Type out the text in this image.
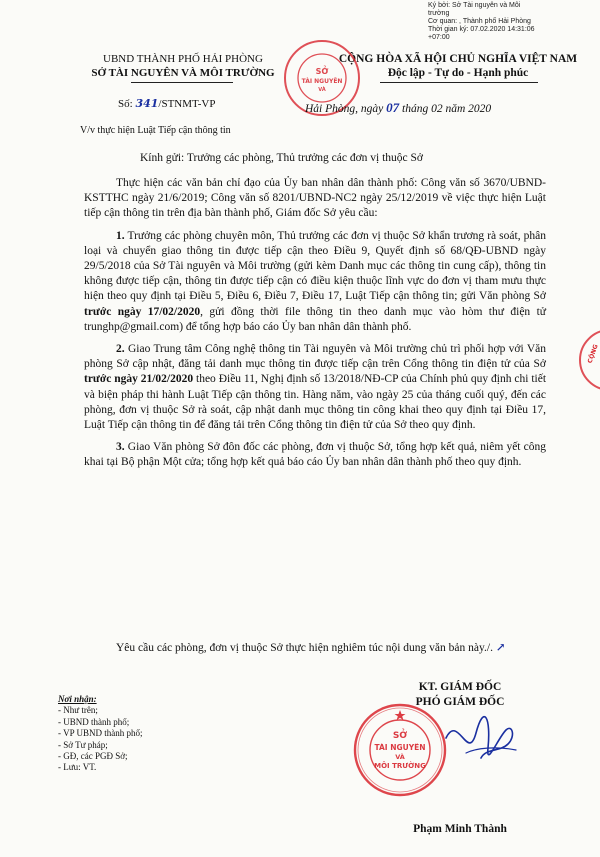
Ký bởi: Sở Tài nguyên và Môi
trường
Cơ quan: , Thành phố Hải Phòng
Thời gian ký: 07.02.2020 14:31:06
+07:00
UBND THÀNH PHỐ HẢI PHÒNG
SỞ TÀI NGUYÊN VÀ MÔI TRƯỜNG
CỘNG HÒA XÃ HỘI CHỦ NGHĨA VIỆT NAM
Độc lập - Tự do - Hạnh phúc
SỞ
TÀI NGUYÊN
VÀ
Số: 341/STNMT-VP	Hải Phòng, ngày 07 tháng 02 năm 2020
V/v thực hiện Luật Tiếp cận thông tin
Kính gửi: Trưởng các phòng, Thủ trưởng các đơn vị thuộc Sở

Thực hiện các văn bản chỉ đạo của Ủy ban nhân dân thành phố: Công văn số 3670/UBND-KSTTHC ngày 21/6/2019; Công văn số 8201/UBND-NC2 ngày 25/12/2019 về việc thực hiện Luật tiếp cận thông tin trên địa bàn thành phố, Giám đốc Sở yêu cầu:

1. Trưởng các phòng chuyên môn, Thủ trưởng các đơn vị thuộc Sở khẩn trương rà soát, phân loại và chuyển giao thông tin được tiếp cận theo Điều 9, Quyết định số 68/QĐ-UBND ngày 29/5/2018 của Sở Tài nguyên và Môi trường (gửi kèm Danh mục các thông tin cung cấp), thông tin không được tiếp cận, thông tin được tiếp cận có điều kiện thuộc lĩnh vực do đơn vị tham mưu thực hiện theo quy định tại Điều 5, Điều 6, Điều 7, Điều 17, Luật Tiếp cận thông tin; gửi Văn phòng Sở trước ngày 17/02/2020, gửi đồng thời file thông tin theo danh mục vào hòm thư điện tử trunghp@gmail.com) để tổng hợp báo cáo Ủy ban nhân dân thành phố.

2. Giao Trung tâm Công nghệ thông tin Tài nguyên và Môi trường chủ trì phối hợp với Văn phòng Sở cập nhật, đăng tải danh mục thông tin được tiếp cận trên Cổng thông tin điện tử của Sở trước ngày 21/02/2020 theo Điều 11, Nghị định số 13/2018/NĐ-CP của Chính phủ quy định chi tiết và biện pháp thi hành Luật Tiếp cận thông tin. Hàng năm, vào ngày 25 của tháng cuối quý, đến các phòng, đơn vị thuộc Sở rà soát, cập nhật danh mục thông tin công khai theo quy định tại Điều 17, Luật Tiếp cận thông tin để đăng tải trên Cổng thông tin điện tử của Sở theo quy định.

3. Giao Văn phòng Sở đôn đốc các phòng, đơn vị thuộc Sở, tổng hợp kết quả, niêm yết công khai tại Bộ phận Một cửa; tổng hợp kết quả báo cáo Ủy ban nhân dân thành phố theo quy định.

Yêu cầu các phòng, đơn vị thuộc Sở thực hiện nghiêm túc nội dung văn bản này./. ↗
Nơi nhận:
- Như trên;
- UBND thành phố;
- VP UBND thành phố;
- Sở Tư pháp;
- GĐ, các PGĐ Sở;
- Lưu: VT.
KT. GIÁM ĐỐC
PHÓ GIÁM ĐỐC
SỞ
TÀI NGUYÊN
VÀ
MÔI TRƯỜNG
Phạm Minh Thành
CỘNG
